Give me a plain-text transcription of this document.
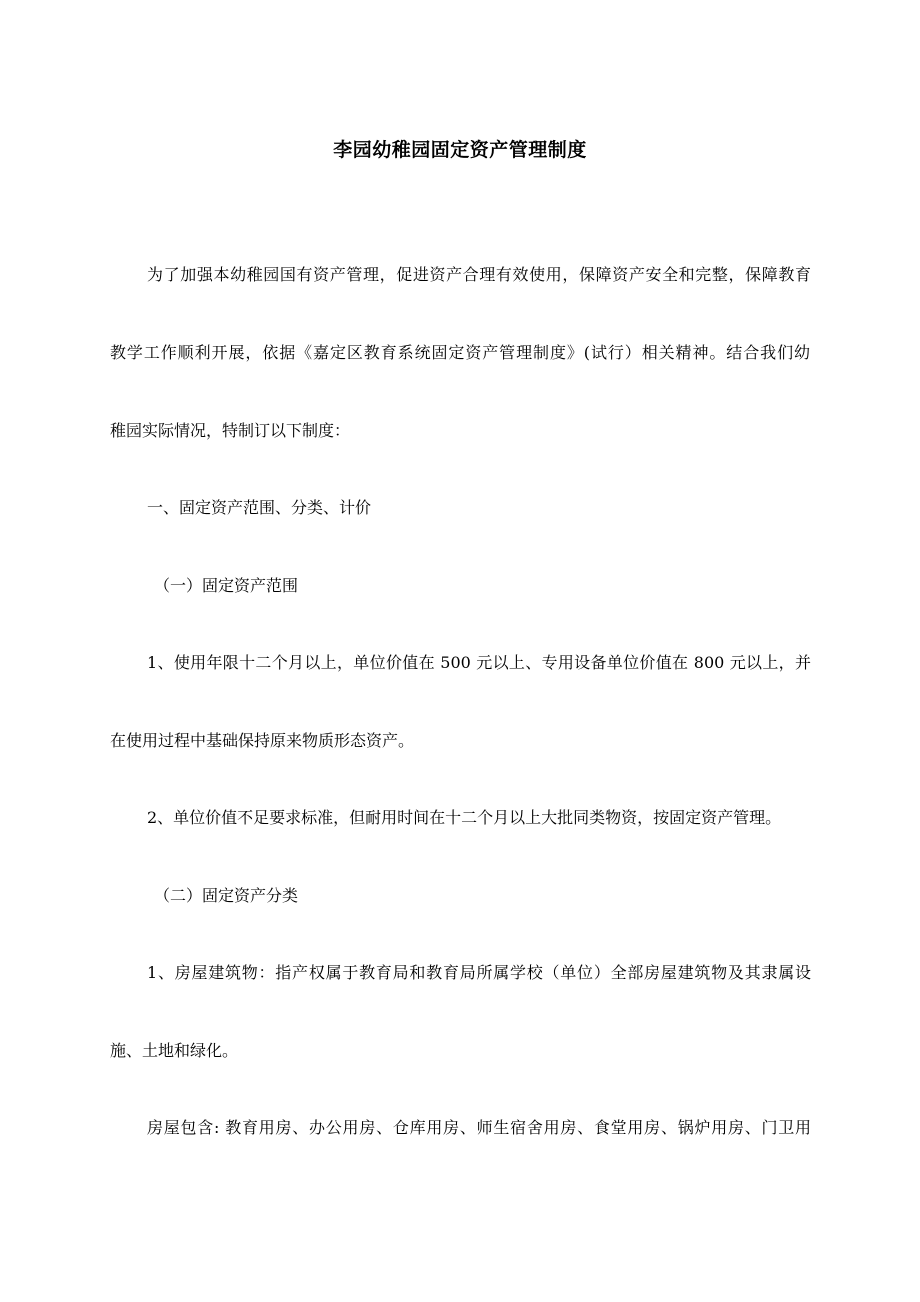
李园幼稚园固定资产管理制度
为了加强本幼稚园国有资产管理，促进资产合理有效使用，保障资产安全和完整，保障教育
教学工作顺利开展，依据《嘉定区教育系统固定资产管理制度》(试行）相关精神。结合我们幼
稚园实际情况，特制订以下制度：
一、固定资产范围、分类、计价
（一）固定资产范围
1、使用年限十二个月以上，单位价值在 500 元以上、专用设备单位价值在 800 元以上，并
在使用过程中基础保持原来物质形态资产。
2、单位价值不足要求标准，但耐用时间在十二个月以上大批同类物资，按固定资产管理。
（二）固定资产分类
1、房屋建筑物：指产权属于教育局和教育局所属学校（单位）全部房屋建筑物及其隶属设
施、土地和绿化。
房屋包含: 教育用房、办公用房、仓库用房、师生宿舍用房、食堂用房、锅炉用房、门卫用
